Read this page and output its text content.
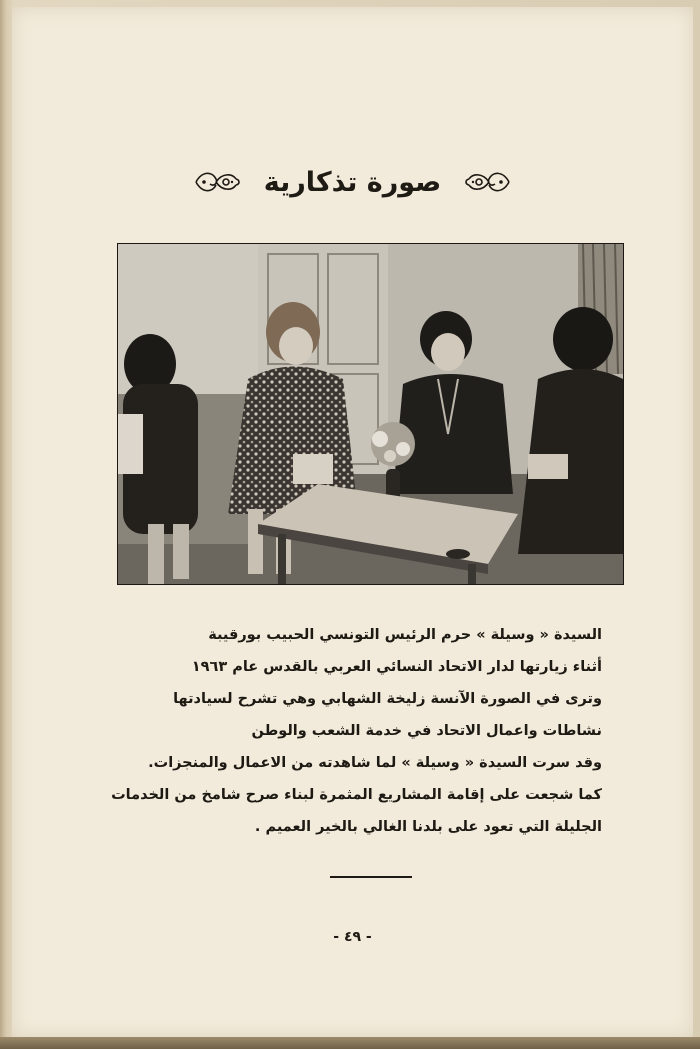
صورة تذكارية
السيدة « وسيلة » حرم الرئيس التونسي الحبيب بورقيبة
أثناء زيارتها لدار الاتحاد النسائي العربي بالقدس عام ١٩٦٣
وترى في الصورة الآنسة زليخة الشهابي وهي تشرح لسيادتها
نشاطات واعمال الاتحاد في خدمة الشعب والوطن
وقد سرت السيدة « وسيلة » لما شاهدته من الاعمال والمنجزات.
كما شجعت على إقامة المشاريع المثمرة لبناء صرح شامخ من الخدمات
الجليلة التي تعود على بلدنا الغالي بالخير العميم .
- ٤٩ -
